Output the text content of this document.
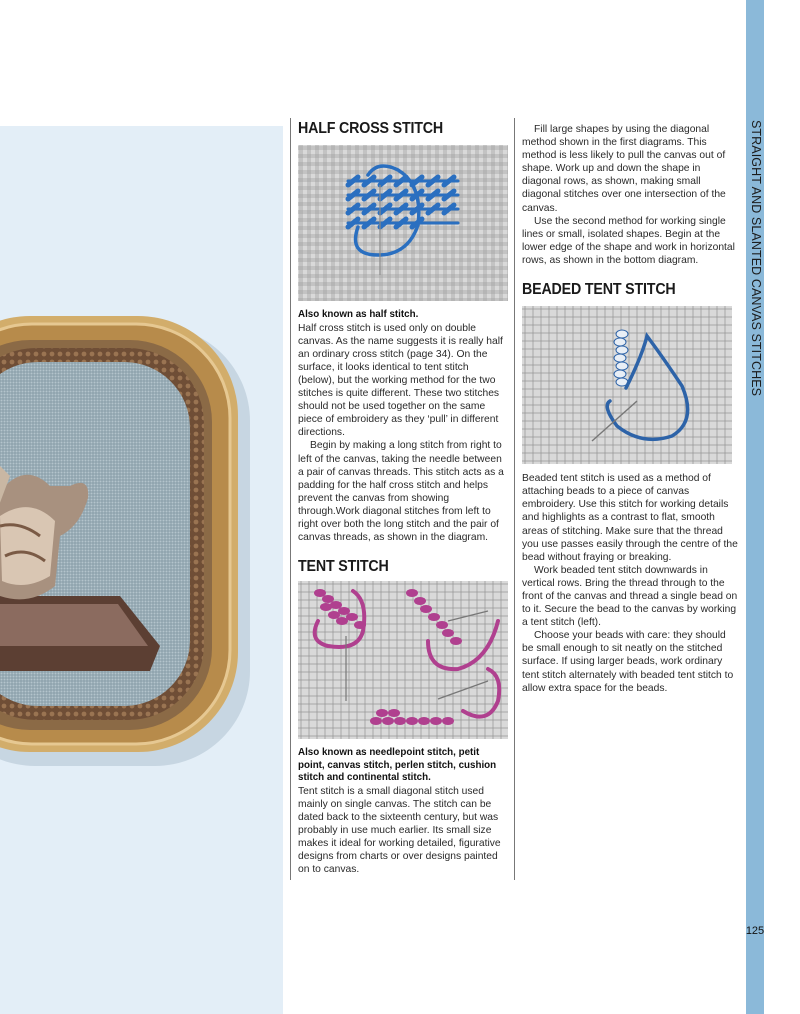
STRAIGHT AND SLANTED CANVAS STITCHES
125
HALF CROSS STITCH
Also known as half stitch.

Half cross stitch is used only on double canvas. As the name suggests it is really half an ordinary cross stitch (page 34). On the surface, it looks identical to tent stitch (below), but the working method for the two stitches is quite different. These two stitches should not be used together on the same piece of embroidery as they ‘pull’ in different directions.

Begin by making a long stitch from right to left of the canvas, taking the needle between a pair of canvas threads. This stitch acts as a padding for the half cross stitch and helps prevent the canvas from showing through.Work diagonal stitches from left to right over both the long stitch and the pair of canvas threads, as shown in the diagram.

TENT STITCH
Also known as needlepoint stitch, petit point, canvas stitch, perlen stitch, cushion stitch and continental stitch.

Tent stitch is a small diagonal stitch used mainly on single canvas. The stitch can be dated back to the sixteenth century, but was probably in use much earlier. Its small size makes it ideal for working detailed, figurative designs from charts or over designs painted on to canvas.

Fill large shapes by using the diagonal method shown in the first diagrams. This method is less likely to pull the canvas out of shape. Work up and down the shape in diagonal rows, as shown, making small diagonal stitches over one intersection of the canvas.

Use the second method for working single lines or small, isolated shapes. Begin at the lower edge of the shape and work in horizontal rows, as shown in the bottom diagram.

BEADED TENT STITCH

Beaded tent stitch is used as a method of attaching beads to a piece of canvas embroidery. Use this stitch for working details and highlights as a contrast to flat, smooth areas of stitching. Make sure that the thread you use passes easily through the centre of the bead without fraying or breaking.

Work beaded tent stitch downwards in vertical rows. Bring the thread through to the front of the canvas and thread a single bead on to it. Secure the bead to the canvas by working a tent stitch (left).

Choose your beads with care: they should be small enough to sit neatly on the stitched surface. If using larger beads, work ordinary tent stitch alternately with beaded tent stitch to allow extra space for the beads.
